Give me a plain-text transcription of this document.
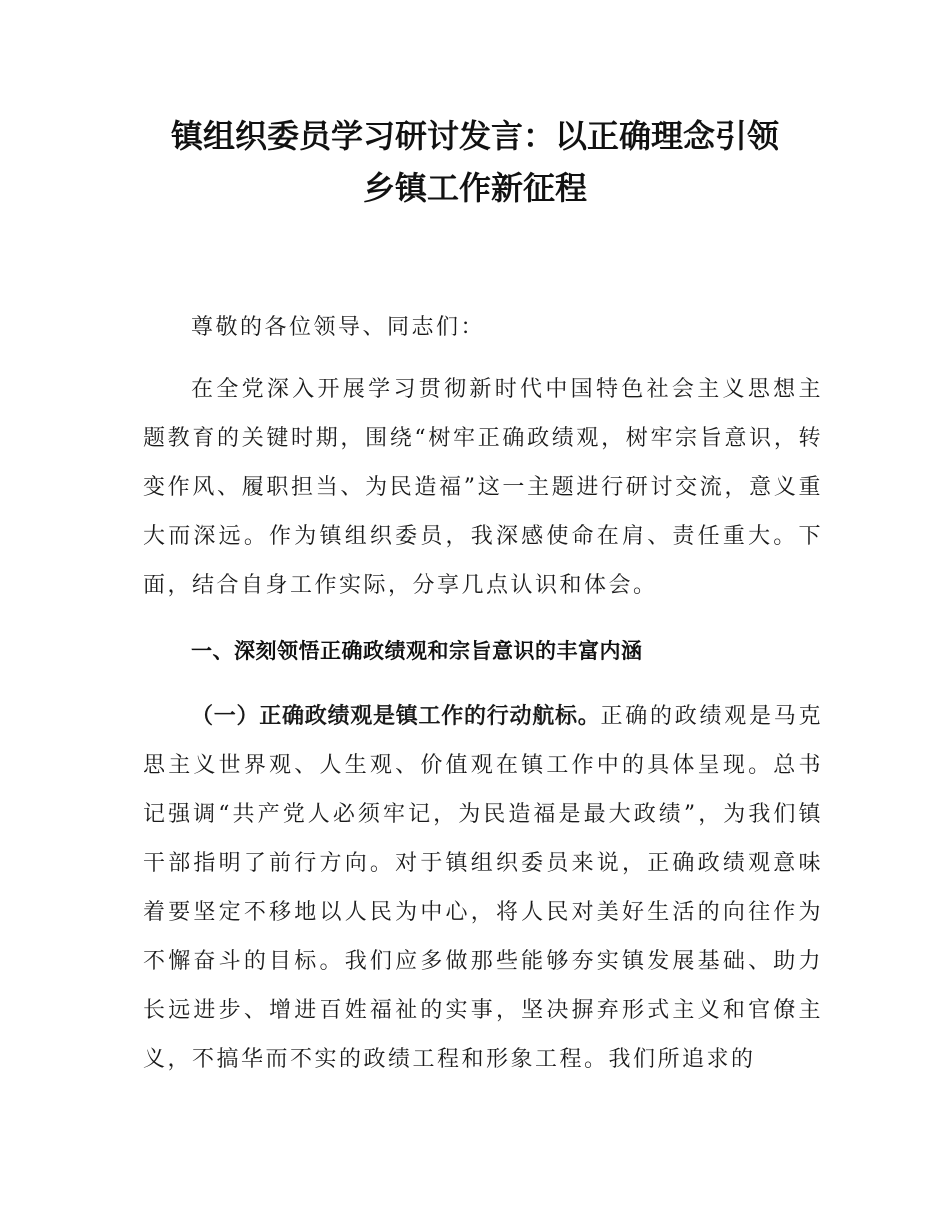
镇组织委员学习研讨发言：以正确理念引领
乡镇工作新征程

尊敬的各位领导、同志们：

在全党深入开展学习贯彻新时代中国特色社会主义思想主题教育的关键时期，围绕“树牢正确政绩观，树牢宗旨意识，转变作风、履职担当、为民造福”这一主题进行研讨交流，意义重大而深远。作为镇组织委员，我深感使命在肩、责任重大。下面，结合自身工作实际，分享几点认识和体会。

一、深刻领悟正确政绩观和宗旨意识的丰富内涵

（一）正确政绩观是镇工作的行动航标。正确的政绩观是马克思主义世界观、人生观、价值观在镇工作中的具体呈现。总书记强调“共产党人必须牢记，为民造福是最大政绩”，为我们镇干部指明了前行方向。对于镇组织委员来说，正确政绩观意味着要坚定不移地以人民为中心，将人民对美好生活的向往作为不懈奋斗的目标。我们应多做那些能够夯实镇发展基础、助力长远进步、增进百姓福祉的实事，坚决摒弃形式主义和官僚主义，不搞华而不实的政绩工程和形象工程。我们所追求的
